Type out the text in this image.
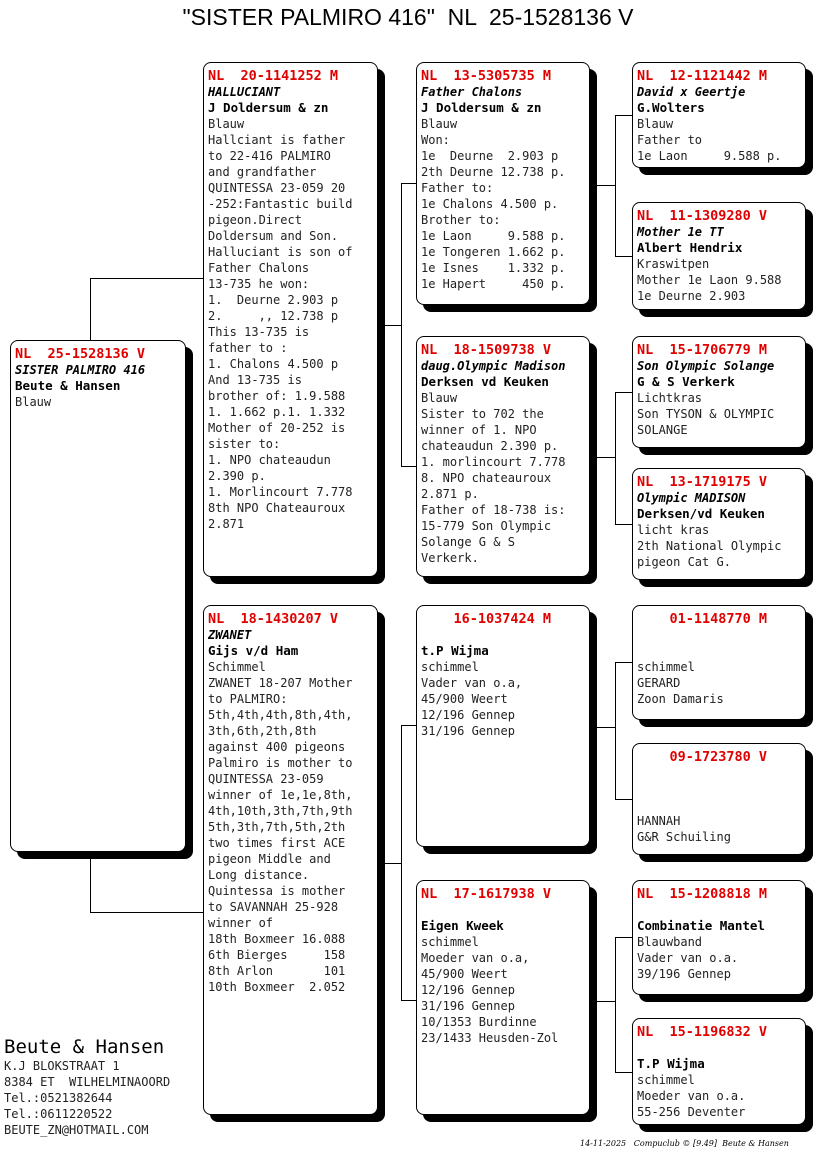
"SISTER PALMIRO 416"  NL  25-1528136 V
NL 25-1528136 V
SISTER PALMIRO 416
Beute & Hansen
Blauw
NL 20-1141252 M
HALLUCIANT
J Doldersum & zn
Blauw
Hallciant is father
to 22-416 PALMIRO
and grandfather
QUINTESSA 23-059 20
-252:Fantastic build
pigeon.Direct
Doldersum and Son.
Halluciant is son of
Father Chalons
13-735 he won:
1.  Deurne 2.903 p
2.     ,, 12.738 p
This 13-735 is
father to :
1. Chalons 4.500 p
And 13-735 is
brother of: 1.9.588
1. 1.662 p.1. 1.332
Mother of 20-252 is
sister to:
1. NPO chateaudun
2.390 p.
1. Morlincourt 7.778
8th NPO Chateauroux
2.871
NL 18-1430207 V
ZWANET
Gijs v/d Ham
Schimmel
ZWANET 18-207 Mother
to PALMIRO:
5th,4th,4th,8th,4th,
3th,6th,2th,8th
against 400 pigeons
Palmiro is mother to
QUINTESSA 23-059
winner of 1e,1e,8th,
4th,10th,3th,7th,9th
5th,3th,7th,5th,2th
two times first ACE
pigeon Middle and
Long distance.
Quintessa is mother
to SAVANNAH 25-928
winner of
18th Boxmeer 16.088
6th Bierges     158
8th Arlon       101
10th Boxmeer  2.052
NL 13-5305735 M
Father Chalons
J Doldersum & zn
Blauw
Won:
1e  Deurne  2.903 p
2th Deurne 12.738 p.
Father to:
1e Chalons 4.500 p.
Brother to:
1e Laon     9.588 p.
1e Tongeren 1.662 p.
1e Isnes    1.332 p.
1e Hapert     450 p.
NL 18-1509738 V
daug.Olympic Madison
Derksen vd Keuken
Blauw
Sister to 702 the
winner of 1. NPO
chateaudun 2.390 p.
1. morlincourt 7.778
8. NPO chateauroux
2.871 p.
Father of 18-738 is:
15-779 Son Olympic
Solange G & S
Verkerk.
16-1037424 M
t.P Wijma
schimmel
Vader van o.a,
45/900 Weert
12/196 Gennep
31/196 Gennep
NL 17-1617938 V
Eigen Kweek
schimmel
Moeder van o.a,
45/900 Weert
12/196 Gennep
31/196 Gennep
10/1353 Burdinne
23/1433 Heusden-Zol
NL 12-1121442 M
David x Geertje
G.Wolters
Blauw
Father to
1e Laon     9.588 p.
NL 11-1309280 V
Mother 1e TT
Albert Hendrix
Kraswitpen
Mother 1e Laon 9.588
1e Deurne 2.903
NL 15-1706779 M
Son Olympic Solange
G & S Verkerk
Lichtkras
Son TYSON & OLYMPIC
SOLANGE
NL 13-1719175 V
Olympic MADISON
Derksen/vd Keuken
licht kras
2th National Olympic
pigeon Cat G.
01-1148770 M
schimmel
GERARD
Zoon Damaris
09-1723780 V
HANNAH
G&R Schuiling
NL 15-1208818 M
Combinatie Mantel
Blauwband
Vader van o.a.
39/196 Gennep
NL 15-1196832 V
T.P Wijma
schimmel
Moeder van o.a.
55-256 Deventer
Beute & Hansen
K.J BLOKSTRAAT 1
8384 ET  WILHELMINAOORD
Tel.:0521382644
Tel.:0611220522
BEUTE_ZN@HOTMAIL.COM
14-11-2025   Compuclub © [9.49]  Beute & Hansen
